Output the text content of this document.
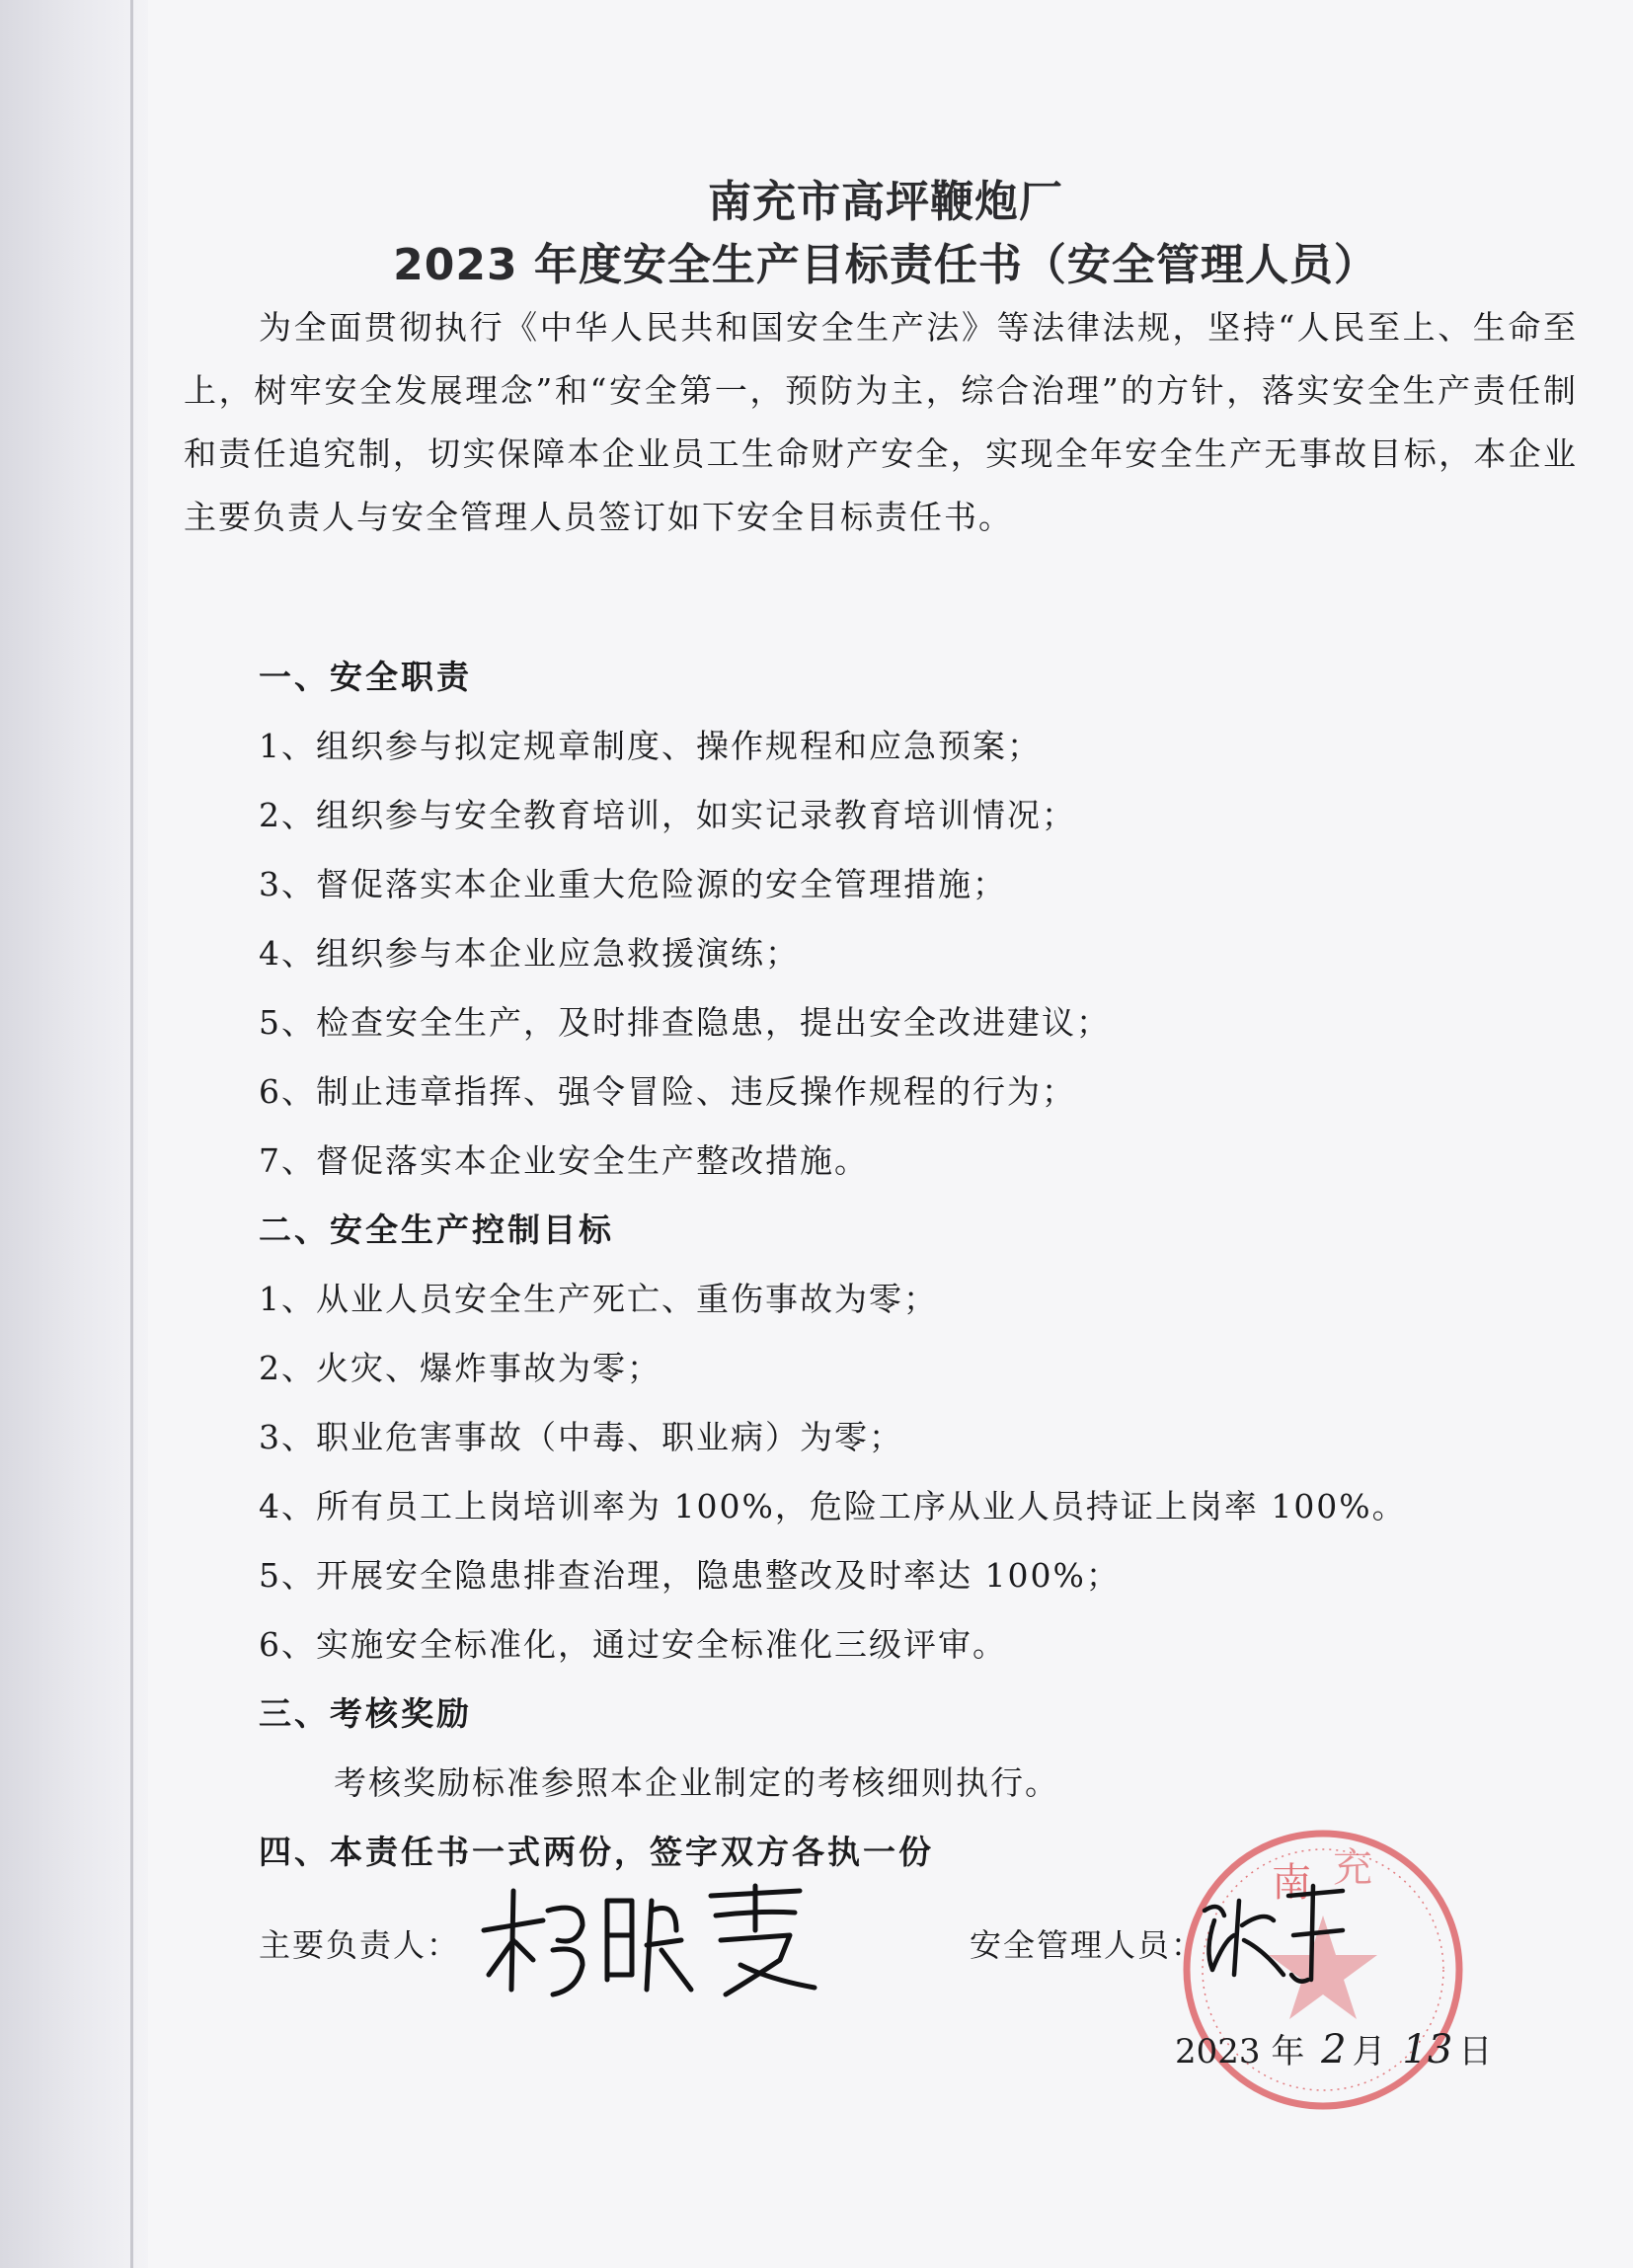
南充市高坪鞭炮厂
2023 年度安全生产目标责任书（安全管理人员）

为全面贯彻执行《中华人民共和国安全生产法》等法律法规，坚持“人民至上、生命至上，树牢安全发展理念”和“安全第一，预防为主，综合治理”的方针，落实安全生产责任制和责任追究制，切实保障本企业员工生命财产安全，实现全年安全生产无事故目标，本企业主要负责人与安全管理人员签订如下安全目标责任书。

一、安全职责
1、组织参与拟定规章制度、操作规程和应急预案；
2、组织参与安全教育培训，如实记录教育培训情况；
3、督促落实本企业重大危险源的安全管理措施；
4、组织参与本企业应急救援演练；
5、检查安全生产，及时排查隐患，提出安全改进建议；
6、制止违章指挥、强令冒险、违反操作规程的行为；
7、督促落实本企业安全生产整改措施。
二、安全生产控制目标
1、从业人员安全生产死亡、重伤事故为零；
2、火灾、爆炸事故为零；
3、职业危害事故（中毒、职业病）为零；
4、所有员工上岗培训率为 100%，危险工序从业人员持证上岗率 100%。
5、开展安全隐患排查治理，隐患整改及时率达 100%；
6、实施安全标准化，通过安全标准化三级评审。
三、考核奖励
考核奖励标准参照本企业制定的考核细则执行。
四、本责任书一式两份，签字双方各执一份
主要负责人：	安全管理人员：
南 充
2023 年 2 月 13 日
